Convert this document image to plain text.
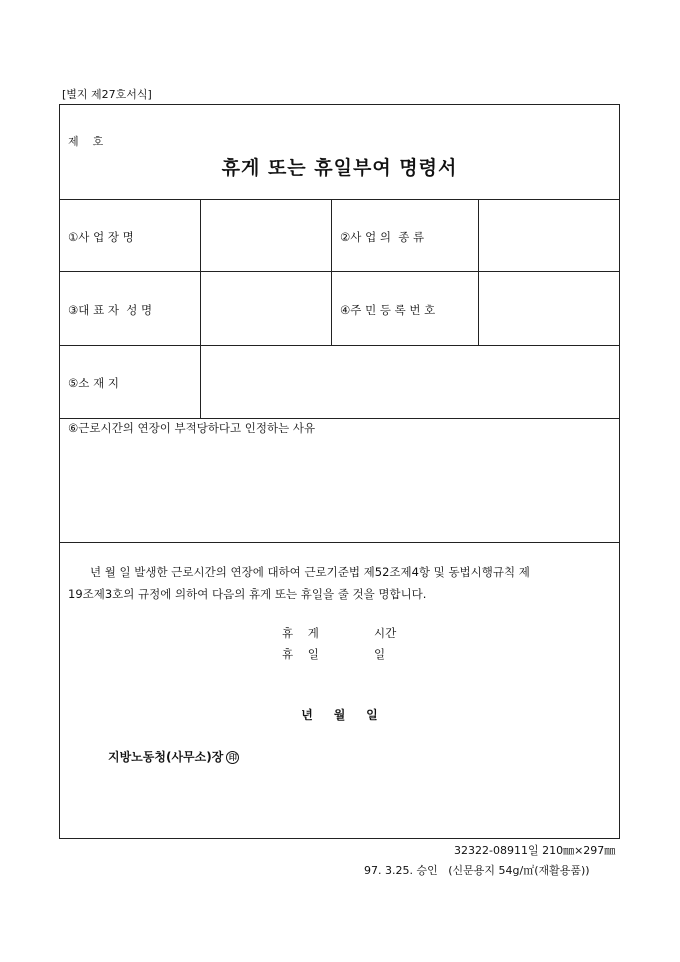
[별지 제27호서식]
제    호
휴게 또는 휴일부여 명령서
①사 업 장 명	②사 업 의  종 류
③대 표 자  성 명	④주 민 등 록 번 호
⑤소 재 지
⑥근로시간의 연장이 부적당하다고 인정하는 사유
년 월 일 발생한 근로시간의 연장에 대하여 근로기준법 제52조제4항 및 동법시행규칙 제
19조제3호의 규정에 의하여 다음의 휴게 또는 휴일을 줄 것을 명합니다.
휴    게	시간
휴    일	일
년     월     일
지방노동청(사무소)장 印
32322-08911일 210㎜×297㎜
97. 3.25. 승인   (신문용지 54g/㎡(재활용품))
